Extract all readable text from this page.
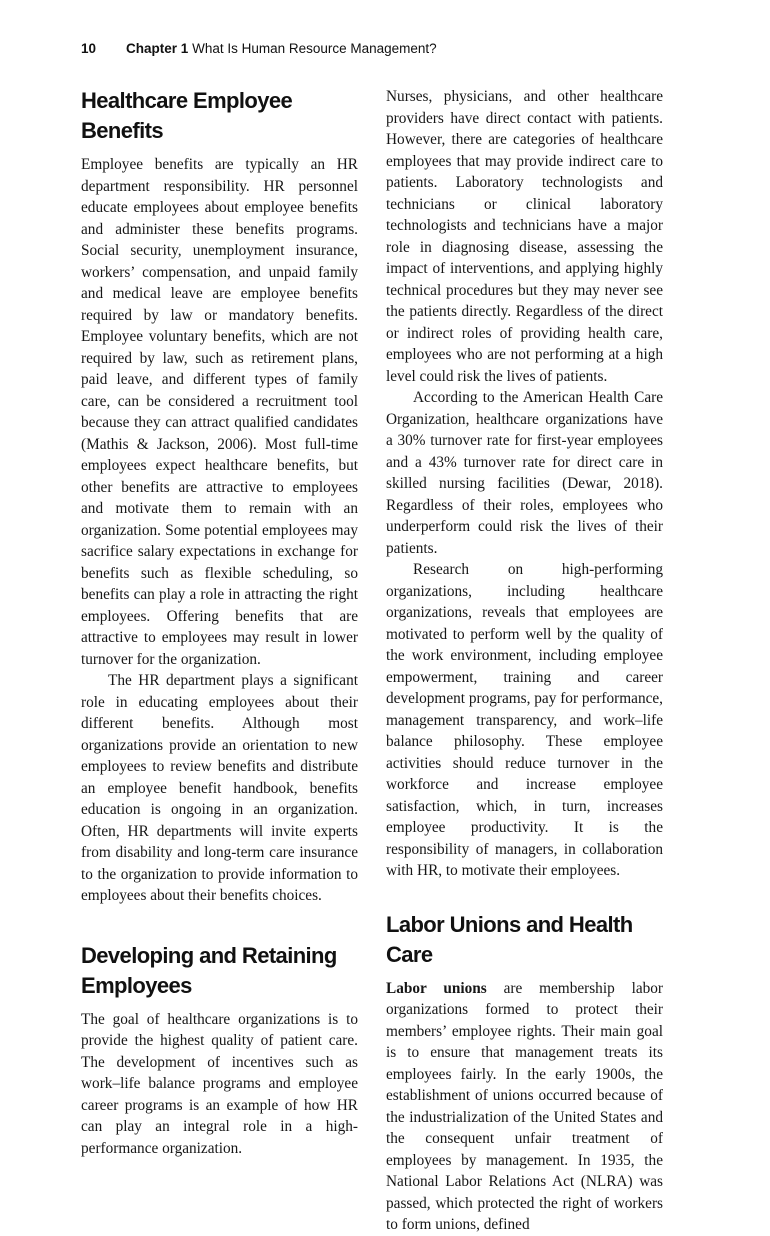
10 Chapter 1 What Is Human Resource Management?
Healthcare Employee Benefits

Employee benefits are typically an HR department responsibility. HR personnel educate employees about employee benefits and administer these benefits programs. Social security, unemployment insurance, workers’ compensation, and unpaid family and medical leave are employee benefits required by law or mandatory benefits. Employee voluntary benefits, which are not required by law, such as retirement plans, paid leave, and different types of family care, can be considered a recruitment tool because they can attract qualified candidates (Mathis & Jackson, 2006). Most full-time employees expect healthcare benefits, but other benefits are attractive to employees and motivate them to remain with an organization. Some potential employees may sacrifice salary expectations in exchange for benefits such as flexible scheduling, so benefits can play a role in attracting the right employees. Offering benefits that are attractive to employees may result in lower turnover for the organization.

The HR department plays a significant role in educating employees about their different benefits. Although most organizations provide an orientation to new employees to review benefits and distribute an employee benefit handbook, benefits education is ongoing in an organization. Often, HR departments will invite experts from disability and long-term care insurance to the organization to provide information to employees about their benefits choices.

Developing and Retaining Employees

The goal of healthcare organizations is to provide the highest quality of patient care. The development of incentives such as work–life balance programs and employee career programs is an example of how HR can play an integral role in a high-performance organization.

Nurses, physicians, and other healthcare providers have direct contact with patients. However, there are categories of healthcare employees that may provide indirect care to patients. Laboratory technologists and technicians or clinical laboratory technologists and technicians have a major role in diagnosing disease, assessing the impact of interventions, and applying highly technical procedures but they may never see the patients directly. Regardless of the direct or indirect roles of providing health care, employees who are not performing at a high level could risk the lives of patients.

According to the American Health Care Organization, healthcare organizations have a 30% turnover rate for first-year employees and a 43% turnover rate for direct care in skilled nursing facilities (Dewar, 2018). Regardless of their roles, employees who underperform could risk the lives of their patients.

Research on high-performing organizations, including healthcare organizations, reveals that employees are motivated to perform well by the quality of the work environment, including employee empowerment, training and career development programs, pay for performance, management transparency, and work–life balance philosophy. These employee activities should reduce turnover in the workforce and increase employee satisfaction, which, in turn, increases employee productivity. It is the responsibility of managers, in collaboration with HR, to motivate their employees.

Labor Unions and Health Care

Labor unions are membership labor organizations formed to protect their members’ employee rights. Their main goal is to ensure that management treats its employees fairly. In the early 1900s, the establishment of unions occurred because of the industrialization of the United States and the consequent unfair treatment of employees by management. In 1935, the National Labor Relations Act (NLRA) was passed, which protected the right of workers to form unions, defined
